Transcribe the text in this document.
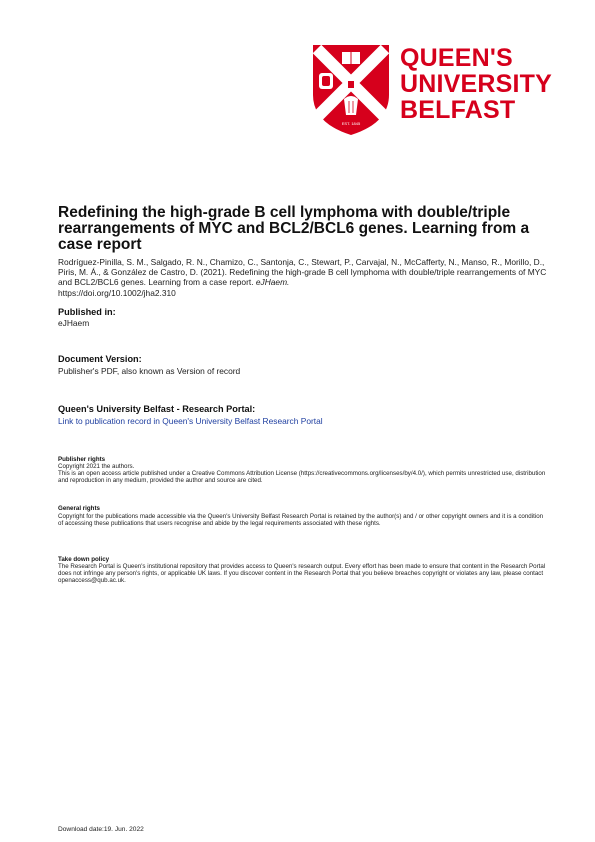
EST. 1845
QUEEN'S
UNIVERSITY
BELFAST
Redefining the high-grade B cell lymphoma with double/triple rearrangements of MYC and BCL2/BCL6 genes. Learning from a case report
Rodríguez-Pinilla, S. M., Salgado, R. N., Chamizo, C., Santonja, C., Stewart, P., Carvajal, N., McCafferty, N., Manso, R., Morillo, D., Piris, M. Á., & González de Castro, D. (2021). Redefining the high-grade B cell lymphoma with double/triple rearrangements of MYC and BCL2/BCL6 genes. Learning from a case report. eJHaem.
https://doi.org/10.1002/jha2.310
Published in:
eJHaem
Document Version:
Publisher's PDF, also known as Version of record
Queen's University Belfast - Research Portal:
Link to publication record in Queen's University Belfast Research Portal
Publisher rights
Copyright 2021 the authors.
This is an open access article published under a Creative Commons Attribution License (https://creativecommons.org/licenses/by/4.0/), which permits unrestricted use, distribution and reproduction in any medium, provided the author and source are cited.
General rights
Copyright for the publications made accessible via the Queen's University Belfast Research Portal is retained by the author(s) and / or other copyright owners and it is a condition of accessing these publications that users recognise and abide by the legal requirements associated with these rights.
Take down policy
The Research Portal is Queen's institutional repository that provides access to Queen's research output. Every effort has been made to ensure that content in the Research Portal does not infringe any person's rights, or applicable UK laws. If you discover content in the Research Portal that you believe breaches copyright or violates any law, please contact openaccess@qub.ac.uk.
Download date:19. Jun. 2022
